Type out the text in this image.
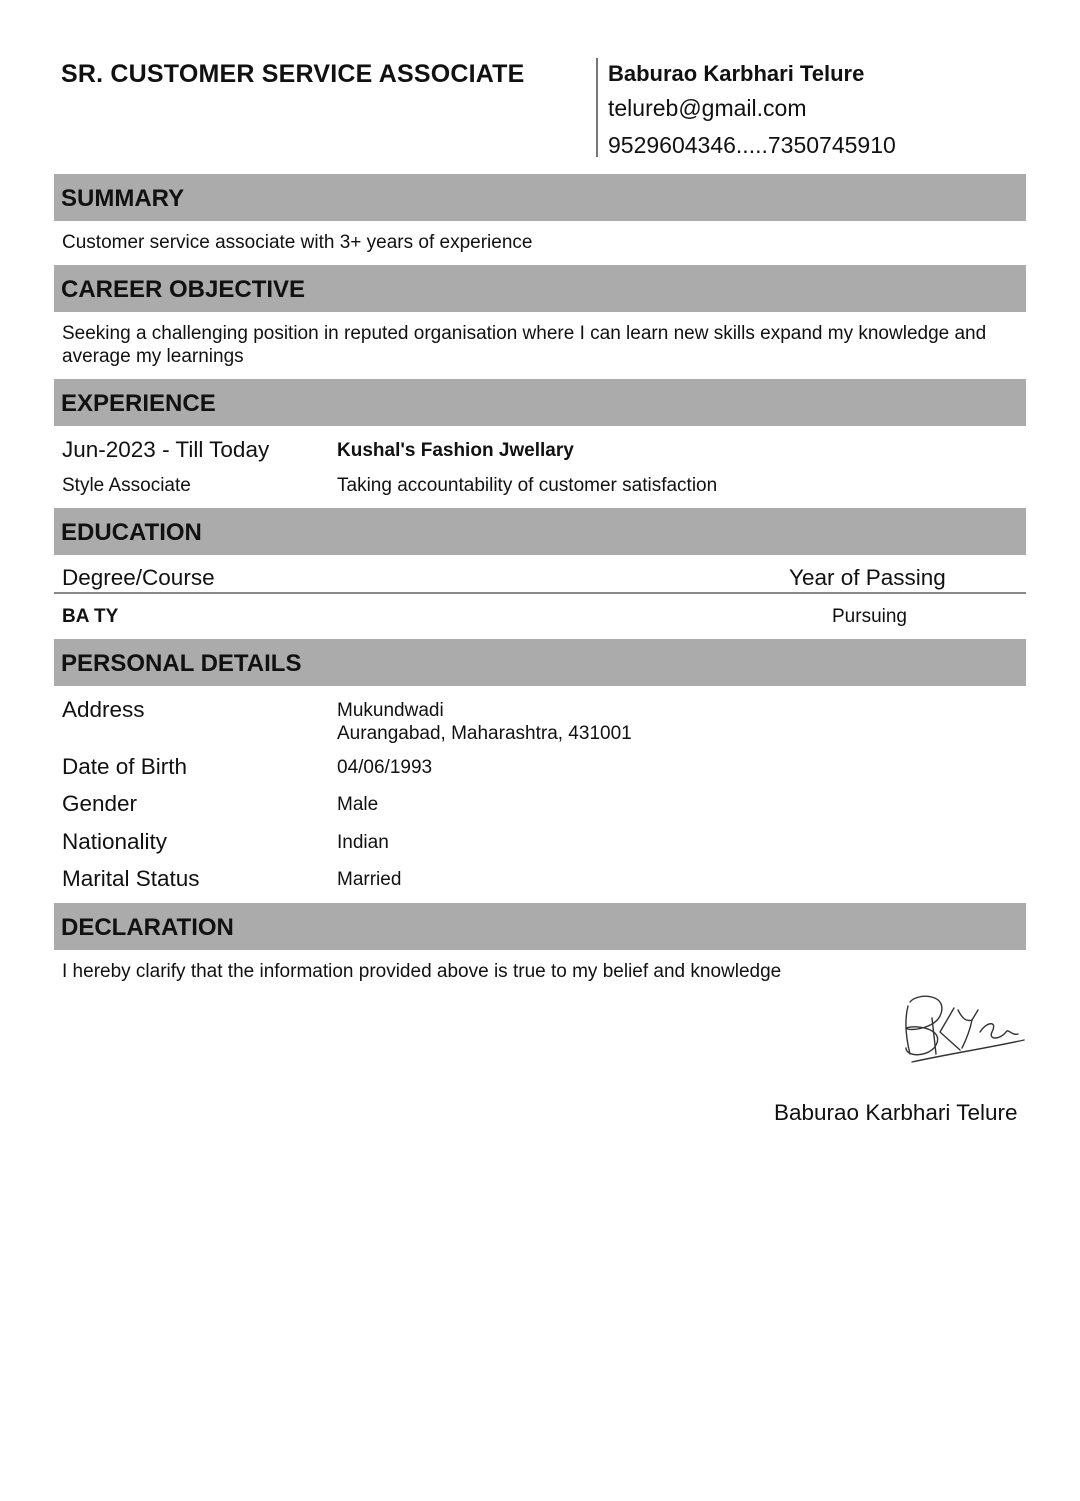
SR. CUSTOMER SERVICE ASSOCIATE	Baburao Karbhari Telure
telureb@gmail.com
9529604346.....7350745910
SUMMARY
Customer service associate with 3+ years of experience
CAREER OBJECTIVE
Seeking a challenging position in reputed organisation where I can learn new skills expand my knowledge and average my learnings
EXPERIENCE
Jun-2023 - Till Today	Kushal's Fashion Jwellary
Style Associate	Taking accountability of customer satisfaction
EDUCATION
Degree/Course	Year of Passing
BA TY	Pursuing
PERSONAL DETAILS
Address	Mukundwadi
Aurangabad, Maharashtra, 431001
Date of Birth	04/06/1993
Gender	Male
Nationality	Indian
Marital Status	Married
DECLARATION
I hereby clarify that the information provided above is true to my belief and knowledge
Baburao Karbhari Telure
